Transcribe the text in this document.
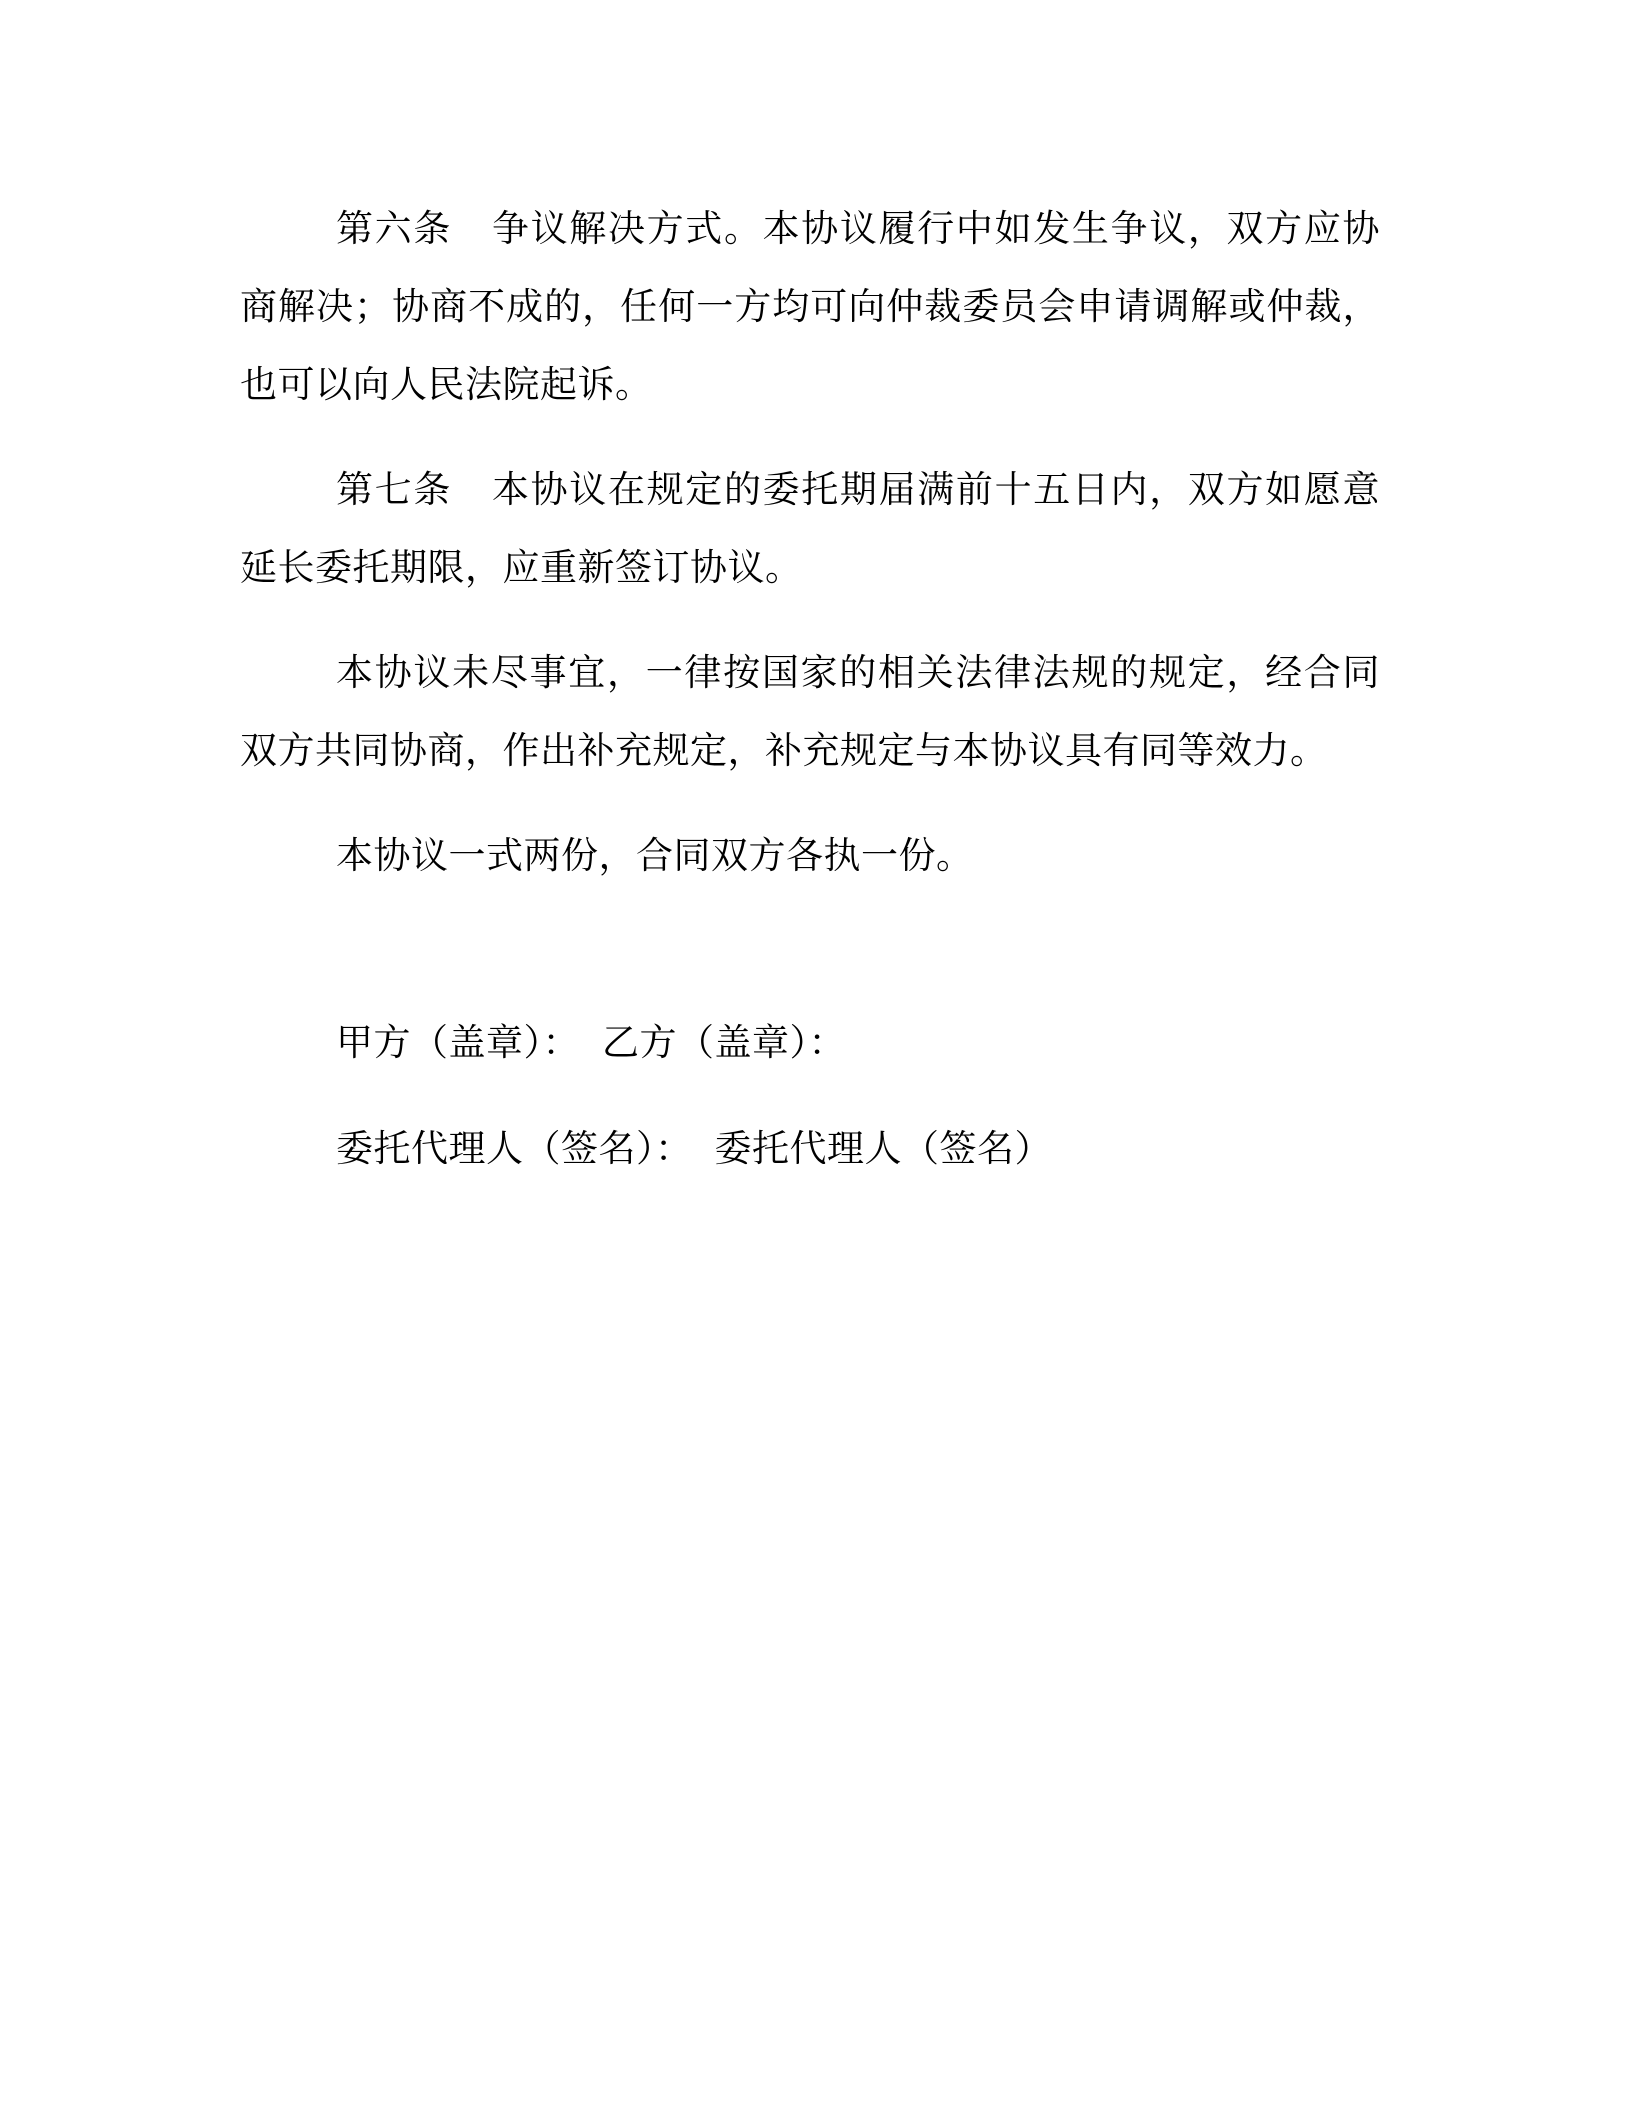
第六条 争议解决方式。本协议履行中如发生争议，双方应协商解决；协商不成的，任何一方均可向仲裁委员会申请调解或仲裁，也可以向人民法院起诉。

第七条 本协议在规定的委托期届满前十五日内，双方如愿意延长委托期限，应重新签订协议。

本协议未尽事宜，一律按国家的相关法律法规的规定，经合同双方共同协商，作出补充规定，补充规定与本协议具有同等效力。

本协议一式两份，合同双方各执一份。

甲方（盖章）： 乙方（盖章）：

委托代理人（签名）： 委托代理人（签名）
